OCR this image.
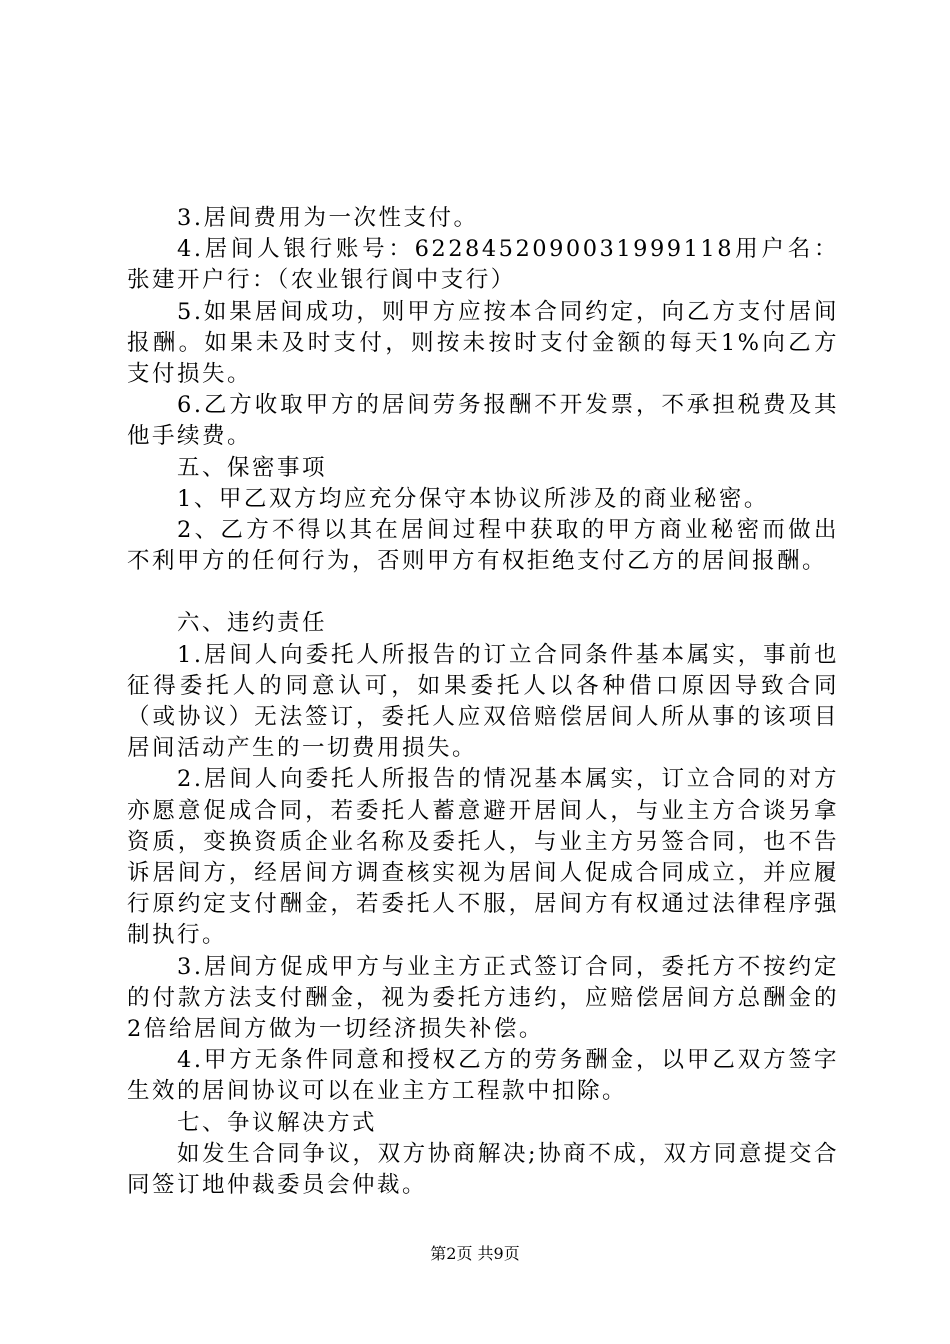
3.居间费用为一次性支付。

4.居间人银行账号：6228452090031999118用户名：张建开户行：（农业银行阆中支行）

5.如果居间成功，则甲方应按本合同约定，向乙方支付居间报酬。如果未及时支付，则按未按时支付金额的每天1%向乙方支付损失。

6.乙方收取甲方的居间劳务报酬不开发票，不承担税费及其他手续费。

五、保密事项

1、甲乙双方均应充分保守本协议所涉及的商业秘密。

2、乙方不得以其在居间过程中获取的甲方商业秘密而做出不利甲方的任何行为，否则甲方有权拒绝支付乙方的居间报酬。

六、违约责任

1.居间人向委托人所报告的订立合同条件基本属实，事前也征得委托人的同意认可，如果委托人以各种借口原因导致合同（或协议）无法签订，委托人应双倍赔偿居间人所从事的该项目居间活动产生的一切费用损失。

2.居间人向委托人所报告的情况基本属实，订立合同的对方亦愿意促成合同，若委托人蓄意避开居间人，与业主方合谈另拿资质，变换资质企业名称及委托人，与业主方另签合同，也不告诉居间方，经居间方调查核实视为居间人促成合同成立，并应履行原约定支付酬金，若委托人不服，居间方有权通过法律程序强制执行。

3.居间方促成甲方与业主方正式签订合同，委托方不按约定的付款方法支付酬金，视为委托方违约，应赔偿居间方总酬金的2倍给居间方做为一切经济损失补偿。

4.甲方无条件同意和授权乙方的劳务酬金，以甲乙双方签字生效的居间协议可以在业主方工程款中扣除。

七、争议解决方式

如发生合同争议，双方协商解决;协商不成，双方同意提交合同签订地仲裁委员会仲裁。

第2页 共9页
